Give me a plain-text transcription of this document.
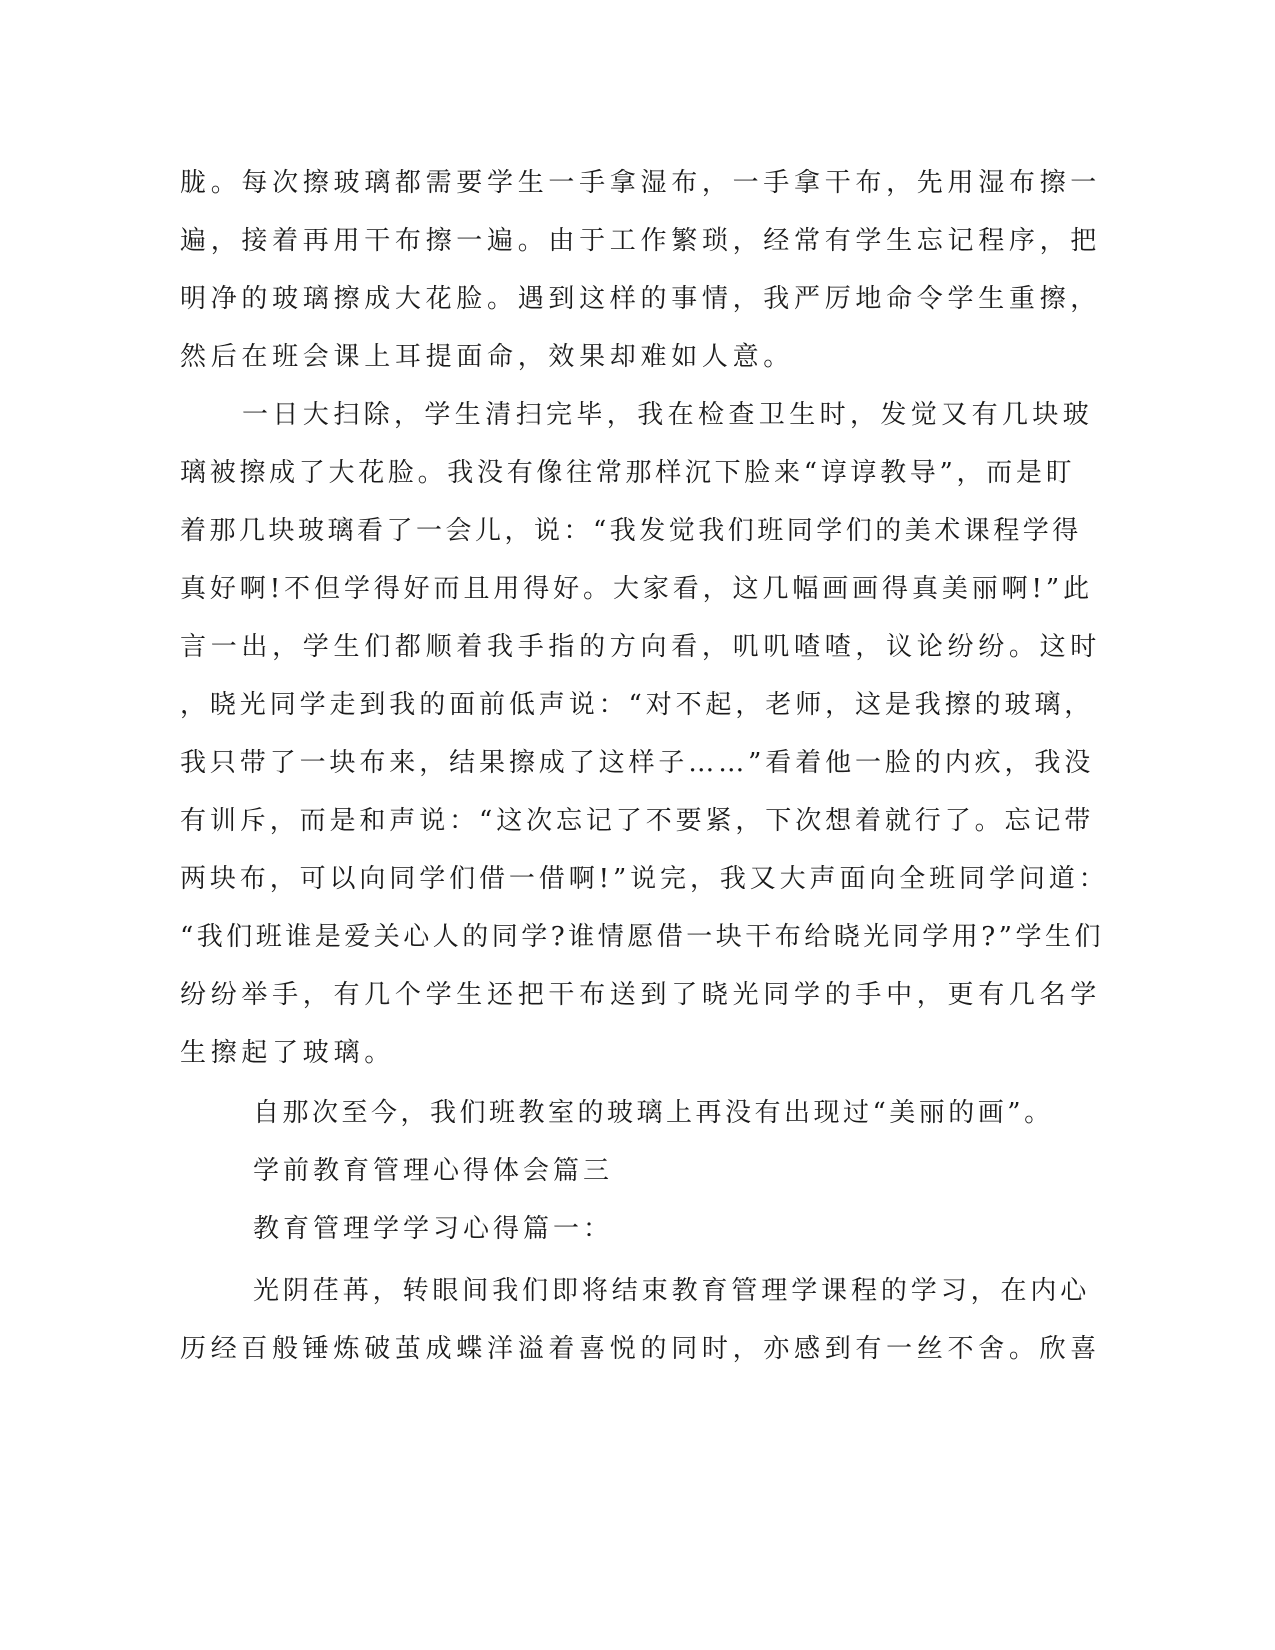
胧。每次擦玻璃都需要学生一手拿湿布，一手拿干布，先用湿布擦一
遍，接着再用干布擦一遍。由于工作繁琐，经常有学生忘记程序，把
明净的玻璃擦成大花脸。遇到这样的事情，我严厉地命令学生重擦，
然后在班会课上耳提面命，效果却难如人意。
一日大扫除，学生清扫完毕，我在检查卫生时，发觉又有几块玻
璃被擦成了大花脸。我没有像往常那样沉下脸来“谆谆教导”，而是盯
着那几块玻璃看了一会儿，说：“我发觉我们班同学们的美术课程学得
真好啊!不但学得好而且用得好。大家看，这几幅画画得真美丽啊!”此
言一出，学生们都顺着我手指的方向看，叽叽喳喳，议论纷纷。这时
，晓光同学走到我的面前低声说：“对不起，老师，这是我擦的玻璃，
我只带了一块布来，结果擦成了这样子……”看着他一脸的内疚，我没
有训斥，而是和声说：“这次忘记了不要紧，下次想着就行了。忘记带
两块布，可以向同学们借一借啊!”说完，我又大声面向全班同学问道：
“我们班谁是爱关心人的同学?谁情愿借一块干布给晓光同学用?”学生们
纷纷举手，有几个学生还把干布送到了晓光同学的手中，更有几名学
生擦起了玻璃。
自那次至今，我们班教室的玻璃上再没有出现过“美丽的画”。
学前教育管理心得体会篇三
教育管理学学习心得篇一：
光阴荏苒，转眼间我们即将结束教育管理学课程的学习，在内心
历经百般锤炼破茧成蝶洋溢着喜悦的同时，亦感到有一丝不舍。欣喜
